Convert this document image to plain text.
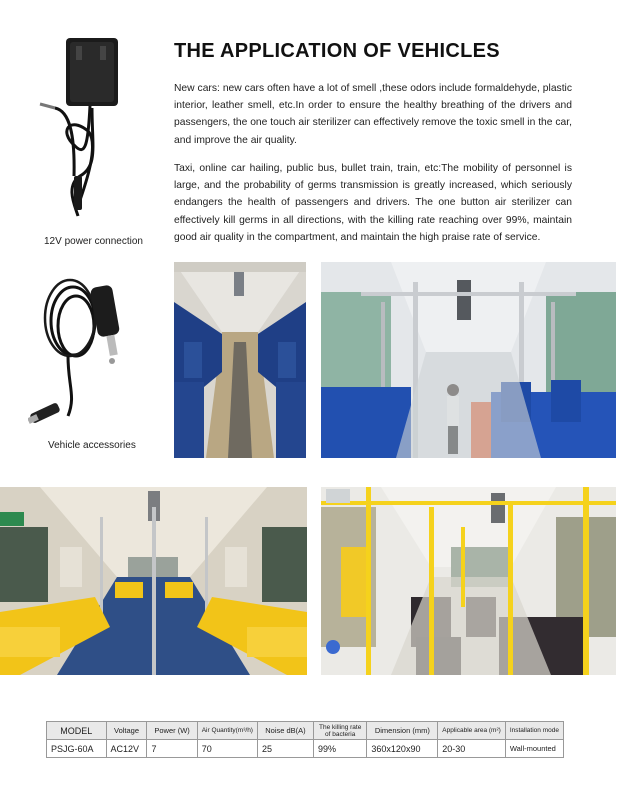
THE APPLICATION OF VEHICLES
New cars: new cars often have a lot of smell ,these odors include formaldehyde, plastic interior, leather smell, etc.In order to ensure the healthy breathing of the drivers and passengers, the one touch air sterilizer can effectively remove the toxic smell in the car, and improve the air quality.
Taxi, online car hailing, public bus, bullet train, train, etc:The mobility of personnel is large, and the probability of germs transmission is greatly increased, which seriously endangers the health of passengers and drivers. The one button air sterilizer can effectively kill germs in all directions, with the killing rate reaching over 99%, maintain good air quality in the compartment, and maintain the high praise rate of service.
12V power connection
Vehicle accessories
MODEL	Voltage	Power (W)	Air Quantity(m³/h)	Noise dB(A)	The killing rate of bacteria	Dimension (mm)	Applicable area (m²)	Installation mode
PSJG-60A	AC12V	7	70	25	99%	360x120x90	20-30	Wall-mounted
